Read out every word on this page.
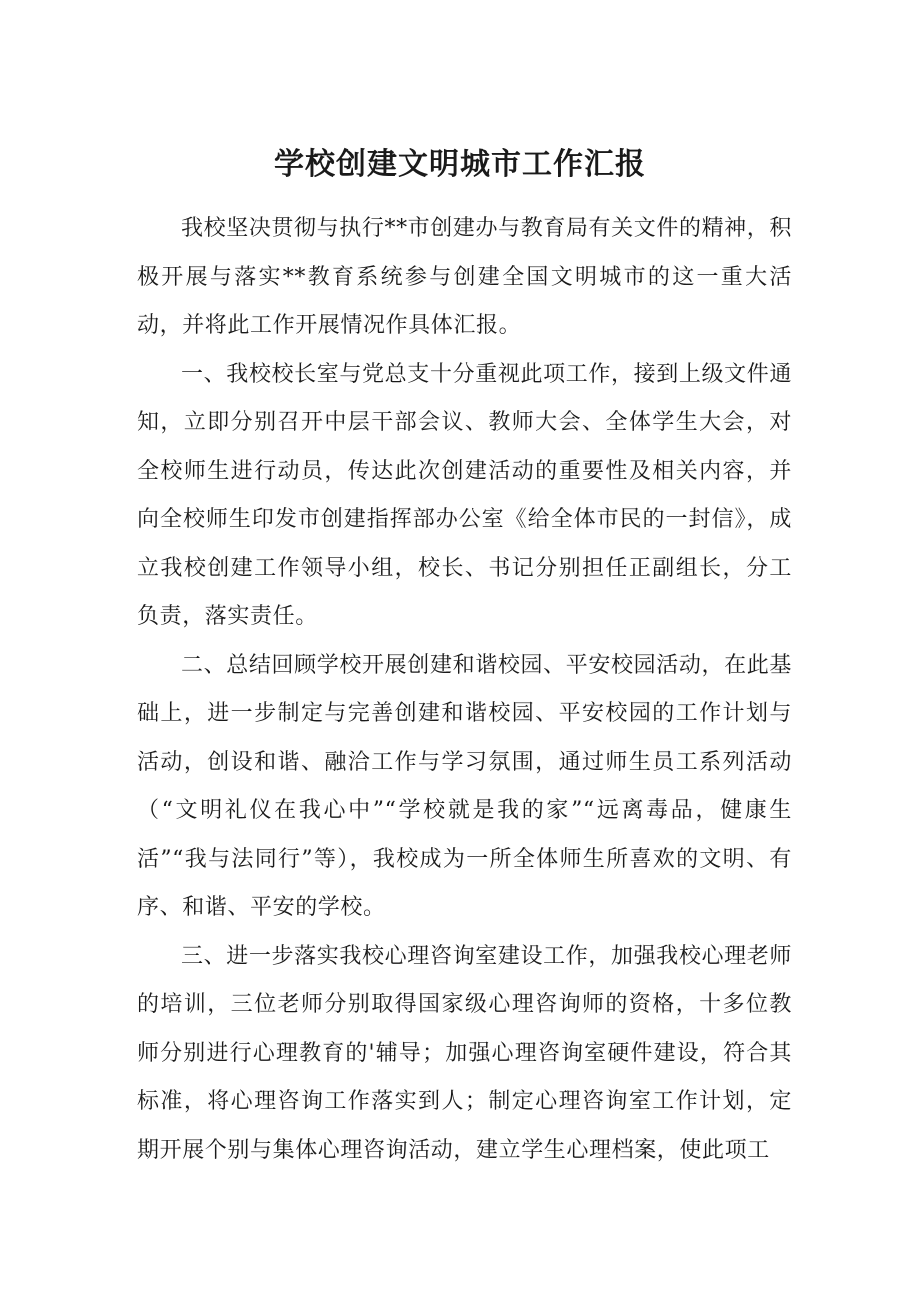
学校创建文明城市工作汇报

我校坚决贯彻与执行**市创建办与教育局有关文件的精神，积极开展与落实**教育系统参与创建全国文明城市的这一重大活动，并将此工作开展情况作具体汇报。

一、我校校长室与党总支十分重视此项工作，接到上级文件通知，立即分别召开中层干部会议、教师大会、全体学生大会，对全校师生进行动员，传达此次创建活动的重要性及相关内容，并向全校师生印发市创建指挥部办公室《给全体市民的一封信》，成立我校创建工作领导小组，校长、书记分别担任正副组长，分工负责，落实责任。

二、总结回顾学校开展创建和谐校园、平安校园活动，在此基础上，进一步制定与完善创建和谐校园、平安校园的工作计划与活动，创设和谐、融洽工作与学习氛围，通过师生员工系列活动（“文明礼仪在我心中”“学校就是我的家”“远离毒品，健康生活”“我与法同行”等），我校成为一所全体师生所喜欢的文明、有序、和谐、平安的学校。

三、进一步落实我校心理咨询室建设工作，加强我校心理老师的培训，三位老师分别取得国家级心理咨询师的资格，十多位教师分别进行心理教育的'辅导；加强心理咨询室硬件建设，符合其标准，将心理咨询工作落实到人；制定心理咨询室工作计划，定期开展个别与集体心理咨询活动，建立学生心理档案，使此项工
